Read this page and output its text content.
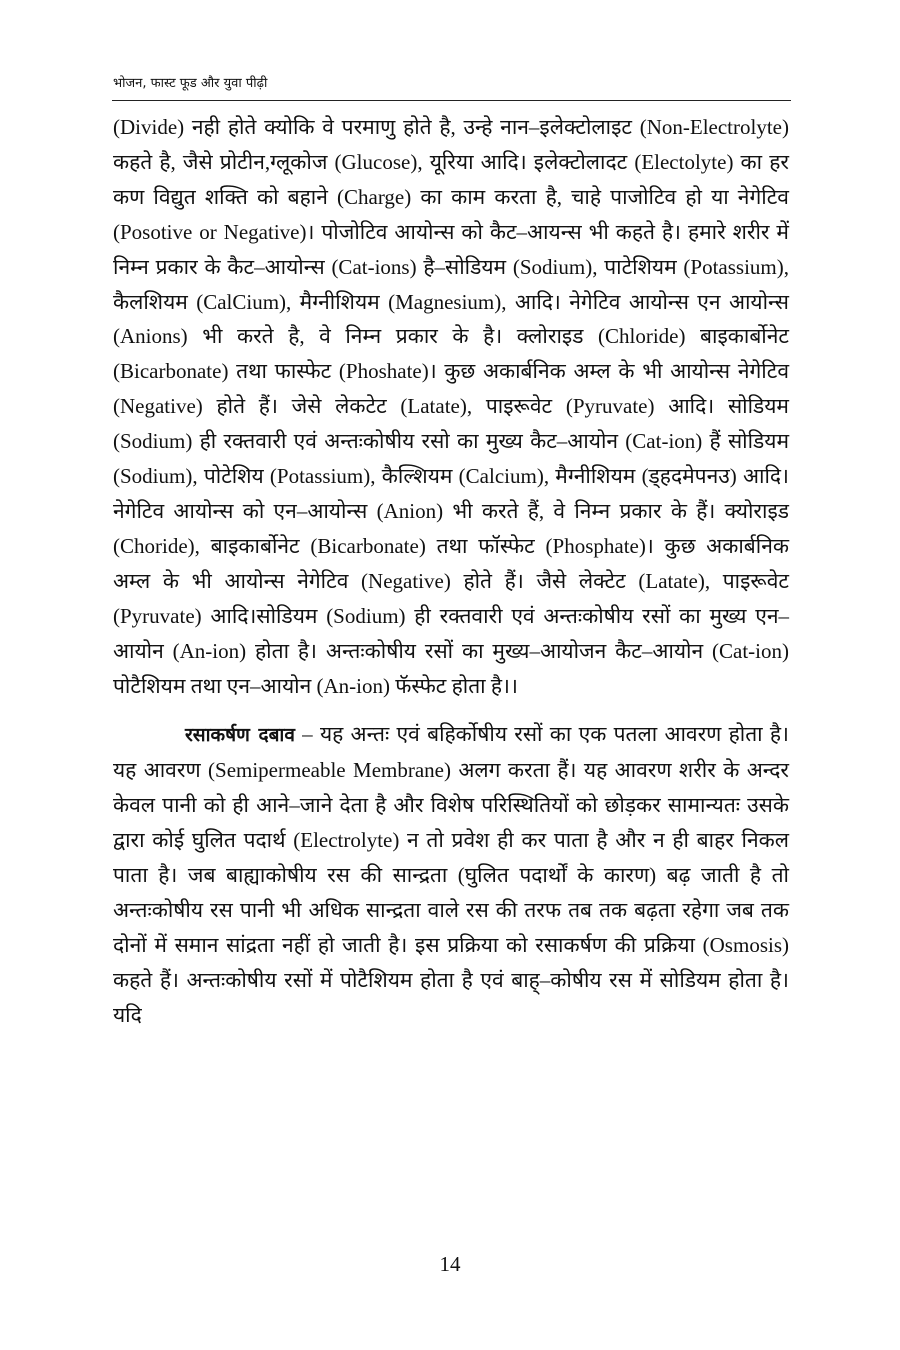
भोजन, फास्ट फूड और युवा पीढ़ी

(Divide) नही होते क्योकि वे परमाणु होते है, उन्हे नान–इलेक्टोलाइट (Non-Electrolyte) कहते है, जैसे प्रोटीन,ग्लूकोज (Glucose), यूरिया आदि। इलेक्टोलादट (Electolyte) का हर कण विद्युत शक्ति को बहाने (Charge) का काम करता है, चाहे पाजोटिव हो या नेगेटिव (Posotive or Negative)। पोजोटिव आयोन्स को कैट–आयन्स भी कहते है। हमारे शरीर में निम्न प्रकार के कैट–आयोन्स (Cat-ions) है–सोडियम (Sodium), पाटेशियम (Potassium), कैलशियम (CalCium), मैग्नीशियम (Magnesium), आदि। नेगेटिव आयोन्स एन आयोन्स (Anions) भी करते है, वे निम्न प्रकार के है। क्लोराइड (Chloride) बाइकार्बोनेट (Bicarbonate) तथा फास्फेट (Phoshate)। कुछ अकार्बनिक अम्ल के भी आयोन्स नेगेटिव (Negative) होते हैं। जेसे लेकटेट (Latate), पाइरूवेट (Pyruvate) आदि। सोडियम (Sodium) ही रक्तवारी एवं अन्तःकोषीय रसो का मुख्य कैट–आयोन (Cat-ion) हैं सोडियम (Sodium), पोटेशिय (Potassium), कैल्शियम (Calcium), मैग्नीशियम (ड्हदमेपनउ) आदि। नेगेटिव आयोन्स को एन–आयोन्स (Anion) भी करते हैं, वे निम्न प्रकार के हैं। क्योराइड (Choride), बाइकार्बोनेट (Bicarbonate) तथा फॉस्फेट (Phosphate)। कुछ अकार्बनिक अम्ल के भी आयोन्स नेगेटिव (Negative) होते हैं। जैसे लेक्टेट (Latate), पाइरूवेट (Pyruvate) आदि।सोडियम (Sodium) ही रक्तवारी एवं अन्तःकोषीय रसों का मुख्य एन–आयोन (An-ion) होता है। अन्तःकोषीय रसों का मुख्य–आयोजन कैट–आयोन (Cat-ion) पोटैशियम तथा एन–आयोन (An-ion) फॅस्फेट होता है।।

रसाकर्षण दबाव – यह अन्तः एवं बहिर्कोषीय रसों का एक पतला आवरण होता है। यह आवरण (Semipermeable Membrane) अलग करता हैं। यह आवरण शरीर के अन्दर केवल पानी को ही आने–जाने देता है और विशेष परिस्थितियों को छोड़कर सामान्यतः उसके द्वारा कोई घुलित पदार्थ (Electrolyte) न तो प्रवेश ही कर पाता है और न ही बाहर निकल पाता है। जब बाह्याकोषीय रस की सान्द्रता (घुलित पदार्थों के कारण) बढ़ जाती है तो अन्तःकोषीय रस पानी भी अधिक सान्द्रता वाले रस की तरफ तब तक बढ़ता रहेगा जब तक दोनों में समान सांद्रता नहीं हो जाती है। इस प्रक्रिया को रसाकर्षण की प्रक्रिया (Osmosis) कहते हैं। अन्तःकोषीय रसों में पोटैशियम होता है एवं बाह्–कोषीय रस में सोडियम होता है। यदि

14
